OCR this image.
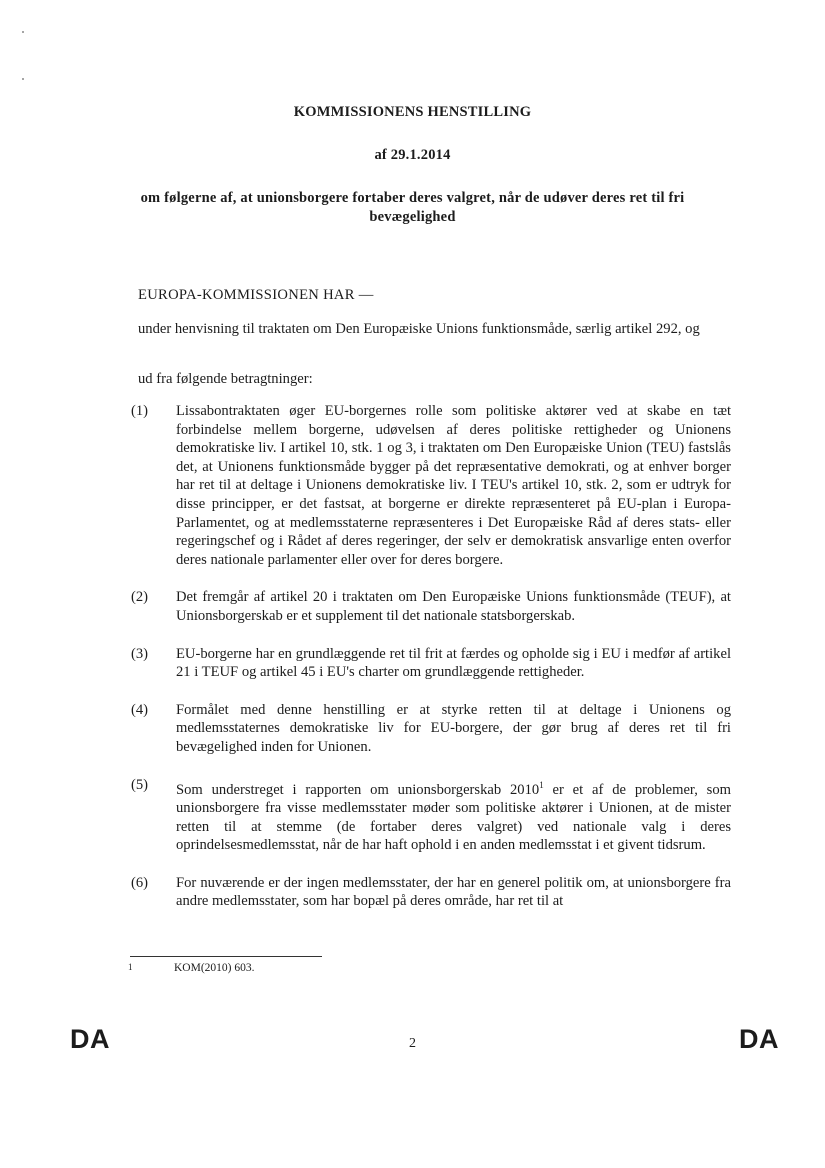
KOMMISSIONENS HENSTILLING
af 29.1.2014
om følgerne af, at unionsborgere fortaber deres valgret, når de udøver deres ret til fri bevægelighed
EUROPA-KOMMISSIONEN HAR —
under henvisning til traktaten om Den Europæiske Unions funktionsmåde, særlig artikel 292, og
ud fra følgende betragtninger:
(1)	Lissabontraktaten øger EU-borgernes rolle som politiske aktører ved at skabe en tæt forbindelse mellem borgerne, udøvelsen af deres politiske rettigheder og Unionens demokratiske liv. I artikel 10, stk. 1 og 3, i traktaten om Den Europæiske Union (TEU) fastslås det, at Unionens funktionsmåde bygger på det repræsentative demokrati, og at enhver borger har ret til at deltage i Unionens demokratiske liv. I TEU's artikel 10, stk. 2, som er udtryk for disse principper, er det fastsat, at borgerne er direkte repræsenteret på EU-plan i Europa-Parlamentet, og at medlemsstaterne repræsenteres i Det Europæiske Råd af deres stats- eller regeringschef og i Rådet af deres regeringer, der selv er demokratisk ansvarlige enten overfor deres nationale parlamenter eller over for deres borgere.
(2)	Det fremgår af artikel 20 i traktaten om Den Europæiske Unions funktionsmåde (TEUF), at Unionsborgerskab er et supplement til det nationale statsborgerskab.
(3)	EU-borgerne har en grundlæggende ret til frit at færdes og opholde sig i EU i medfør af artikel 21 i TEUF og artikel 45 i EU's charter om grundlæggende rettigheder.
(4)	Formålet med denne henstilling er at styrke retten til at deltage i Unionens og medlemsstaternes demokratiske liv for EU-borgere, der gør brug af deres ret til fri bevægelighed inden for Unionen.
(5)	Som understreget i rapporten om unionsborgerskab 2010$^1$ er et af de problemer, som unionsborgere fra visse medlemsstater møder som politiske aktører i Unionen, at de mister retten til at stemme (de fortaber deres valgret) ved nationale valg i deres oprindelsesmedlemsstat, når de har haft ophold i en anden medlemsstat i et givent tidsrum.
(6)	For nuværende er der ingen medlemsstater, der har en generel politik om, at unionsborgere fra andre medlemsstater, som har bopæl på deres område, har ret til at
1	KOM(2010) 603.
DA	2	DA
